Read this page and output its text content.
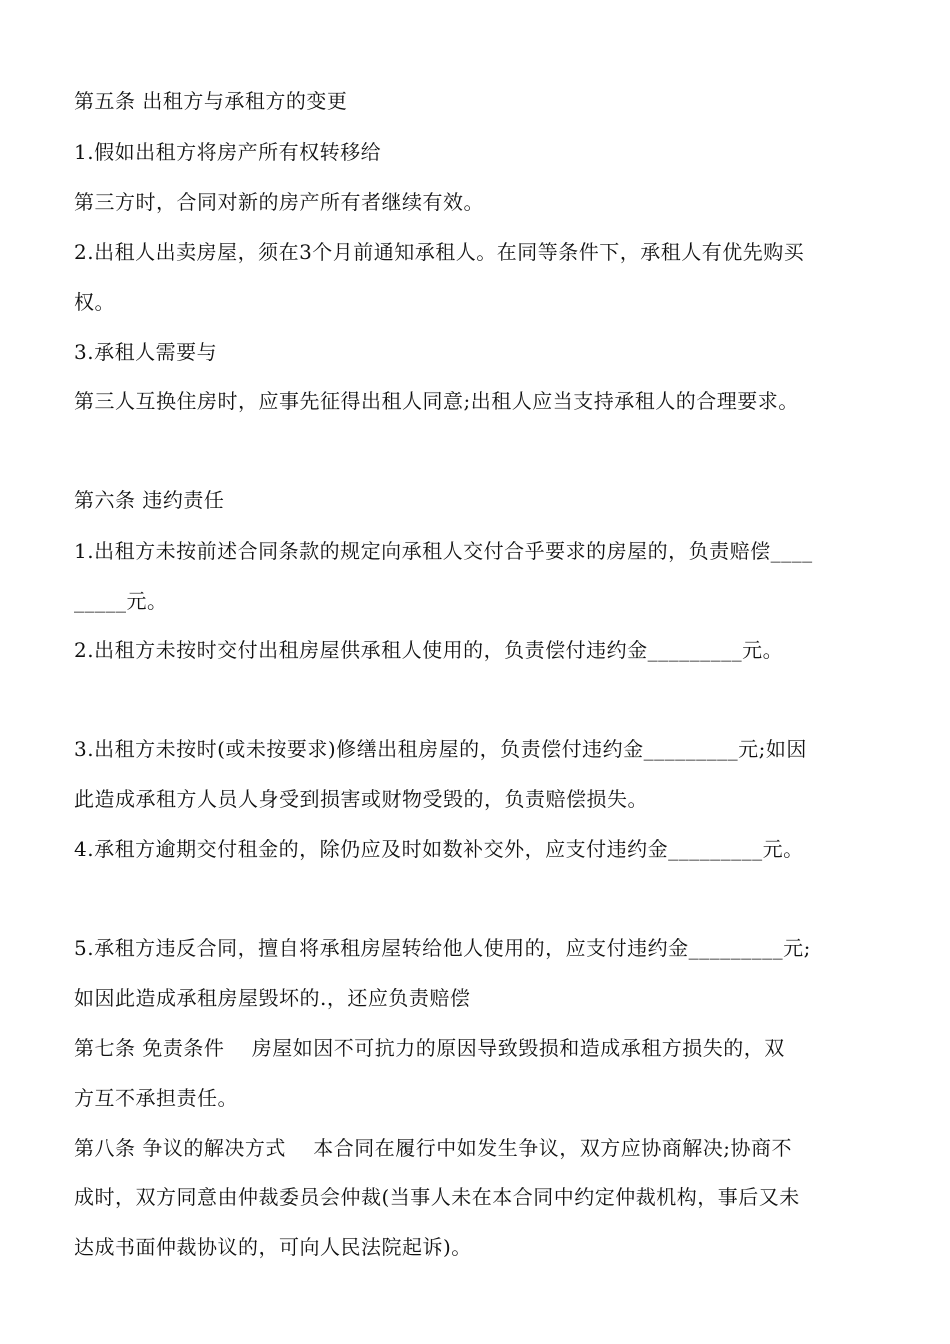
第五条 出租方与承租方的变更
1.假如出租方将房产所有权转移给
第三方时，合同对新的房产所有者继续有效。
2.出租人出卖房屋，须在3个月前通知承租人。在同等条件下，承租人有优先购买
权。
3.承租人需要与
第三人互换住房时，应事先征得出租人同意;出租人应当支持承租人的合理要求。
第六条 违约责任
1.出租方未按前述合同条款的规定向承租人交付合乎要求的房屋的，负责赔偿____
_____元。
2.出租方未按时交付出租房屋供承租人使用的，负责偿付违约金_________元。
3.出租方未按时(或未按要求)修缮出租房屋的，负责偿付违约金_________元;如因
此造成承租方人员人身受到损害或财物受毁的，负责赔偿损失。
4.承租方逾期交付租金的，除仍应及时如数补交外，应支付违约金_________元。
5.承租方违反合同，擅自将承租房屋转给他人使用的，应支付违约金_________元;
如因此造成承租房屋毁坏的.，还应负责赔偿
第七条 免责条件    房屋如因不可抗力的原因导致毁损和造成承租方损失的，双
方互不承担责任。
第八条 争议的解决方式    本合同在履行中如发生争议，双方应协商解决;协商不
成时，双方同意由仲裁委员会仲裁(当事人未在本合同中约定仲裁机构，事后又未
达成书面仲裁协议的，可向人民法院起诉)。
